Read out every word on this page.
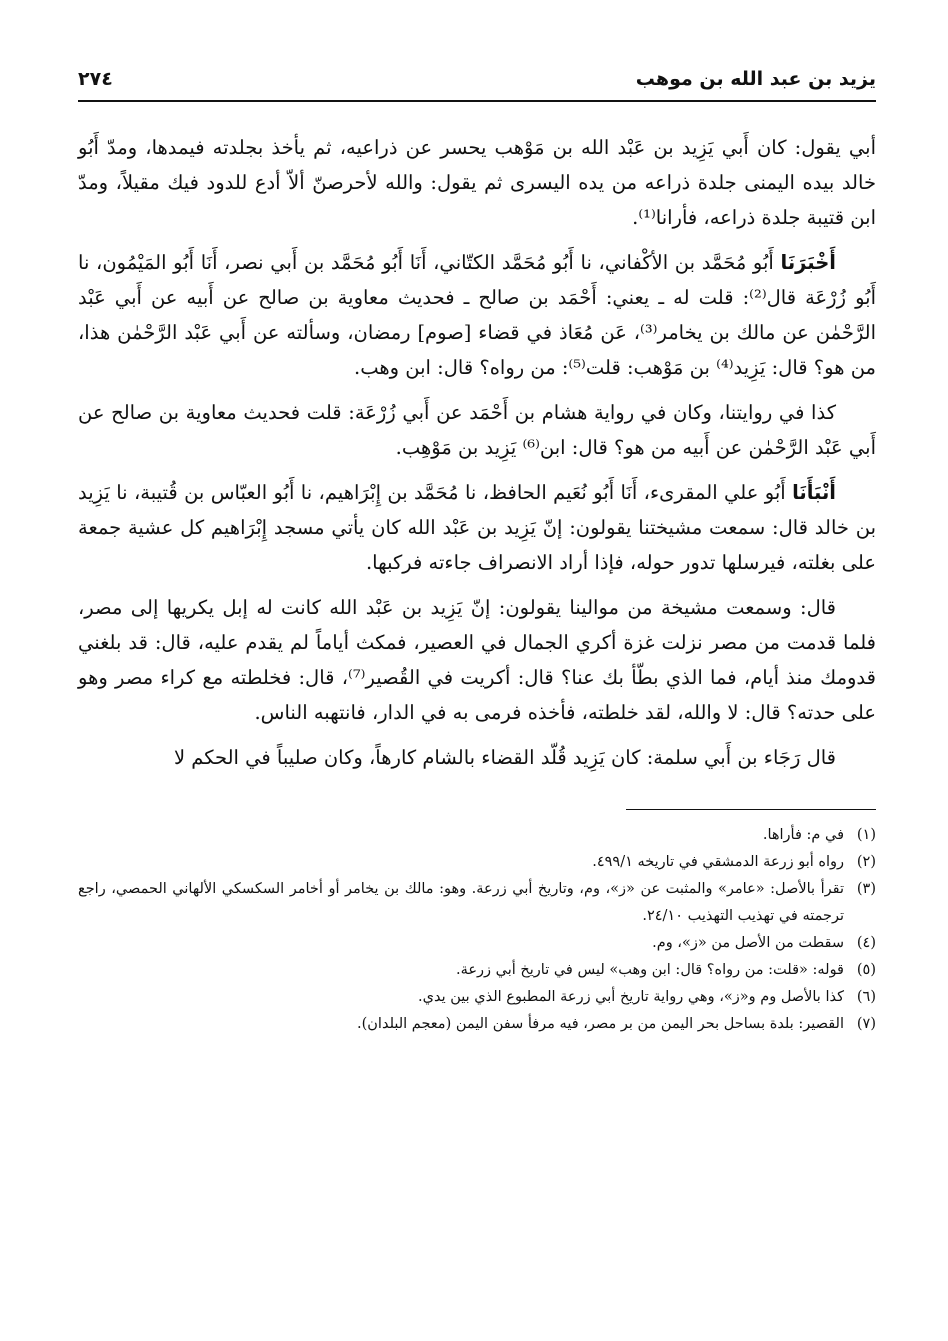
يزيد بن عبد الله بن موهب
٢٧٤

أبي يقول: كان أَبي يَزِيد بن عَبْد الله بن مَوْهب يحسر عن ذراعيه، ثم يأخذ بجلدته فيمدها، ومدّ أَبُو خالد بيده اليمنى جلدة ذراعه من يده اليسرى ثم يقول: والله لأحرصنّ ألاّ أدع للدود فيك مقيلاً، ومدّ ابن قتيبة جلدة ذراعه، فأرانا⁽¹⁾.

أَخْبَرَنَا أَبُو مُحَمَّد بن الأكْفاني، نا أَبُو مُحَمَّد الكتّاني، أَنَا أَبُو مُحَمَّد بن أَبي نصر، أَنَا أَبُو المَيْمُون، نا أَبُو زُرْعَة قال⁽²⁾: قلت له ـ يعني: أَحْمَد بن صالح ـ فحديث معاوية بن صالح عن أَبيه عن أَبي عَبْد الرَّحْمٰن عن مالك بن يخامر⁽³⁾، عَن مُعَاذ في قضاء [صوم] رمضان، وسألته عن أَبي عَبْد الرَّحْمٰن هذا، من هو؟ قال: يَزِيد⁽⁴⁾ بن مَوْهب: قلت⁽⁵⁾: من رواه؟ قال: ابن وهب.

كذا في روايتنا، وكان في رواية هشام بن أَحْمَد عن أَبي زُرْعَة: قلت فحديث معاوية بن صالح عن أَبي عَبْد الرَّحْمٰن عن أَبيه من هو؟ قال: ابن⁽⁶⁾ يَزِيد بن مَوْهِب.

أَنْبَأَنَا أَبُو علي المقرىء، أَنَا أَبُو نُعَيم الحافظ، نا مُحَمَّد بن إِبْرَاهيم، نا أَبُو العبّاس بن قُتيبة، نا يَزِيد بن خالد قال: سمعت مشيختنا يقولون: إنّ يَزِيد بن عَبْد الله كان يأتي مسجد إِبْرَاهيم كل عشية جمعة على بغلته، فيرسلها تدور حوله، فإذا أراد الانصراف جاءته فركبها.

قال: وسمعت مشيخة من موالينا يقولون: إنّ يَزِيد بن عَبْد الله كانت له إبل يكريها إلى مصر، فلما قدمت من مصر نزلت غزة أكري الجمال في العصير، فمكث أياماً لم يقدم عليه، قال: قد بلغني قدومك منذ أيام، فما الذي بطّأ بك عنا؟ قال: أكريت في القُصير⁽⁷⁾، قال: فخلطته مع كراء مصر وهو على حدته؟ قال: لا والله، لقد خلطته، فأخذه فرمى به في الدار، فانتهبه الناس.

قال رَجَاء بن أَبي سلمة: كان يَزِيد قُلّد القضاء بالشام كارهاً، وكان صليباً في الحكم لا

(١)
في م: فأراها.
(٢)
رواه أبو زرعة الدمشقي في تاريخه ٤٩٩/١.
(٣)
تقرأ بالأصل: «عامر» والمثبت عن «ز»، وم، وتاريخ أبي زرعة. وهو: مالك بن يخامر أو أخامر السكسكي الألهاني الحمصي، راجع ترجمته في تهذيب التهذيب ٢٤/١٠.
(٤)
سقطت من الأصل من «ز»، وم.
(٥)
قوله: «قلت: من رواه؟ قال: ابن وهب» ليس في تاريخ أبي زرعة.
(٦)
كذا بالأصل وم و«ز»، وهي رواية تاريخ أبي زرعة المطبوع الذي بين يدي.
(٧)
القصير: بلدة بساحل بحر اليمن من بر مصر، فيه مرفأ سفن اليمن (معجم البلدان).
